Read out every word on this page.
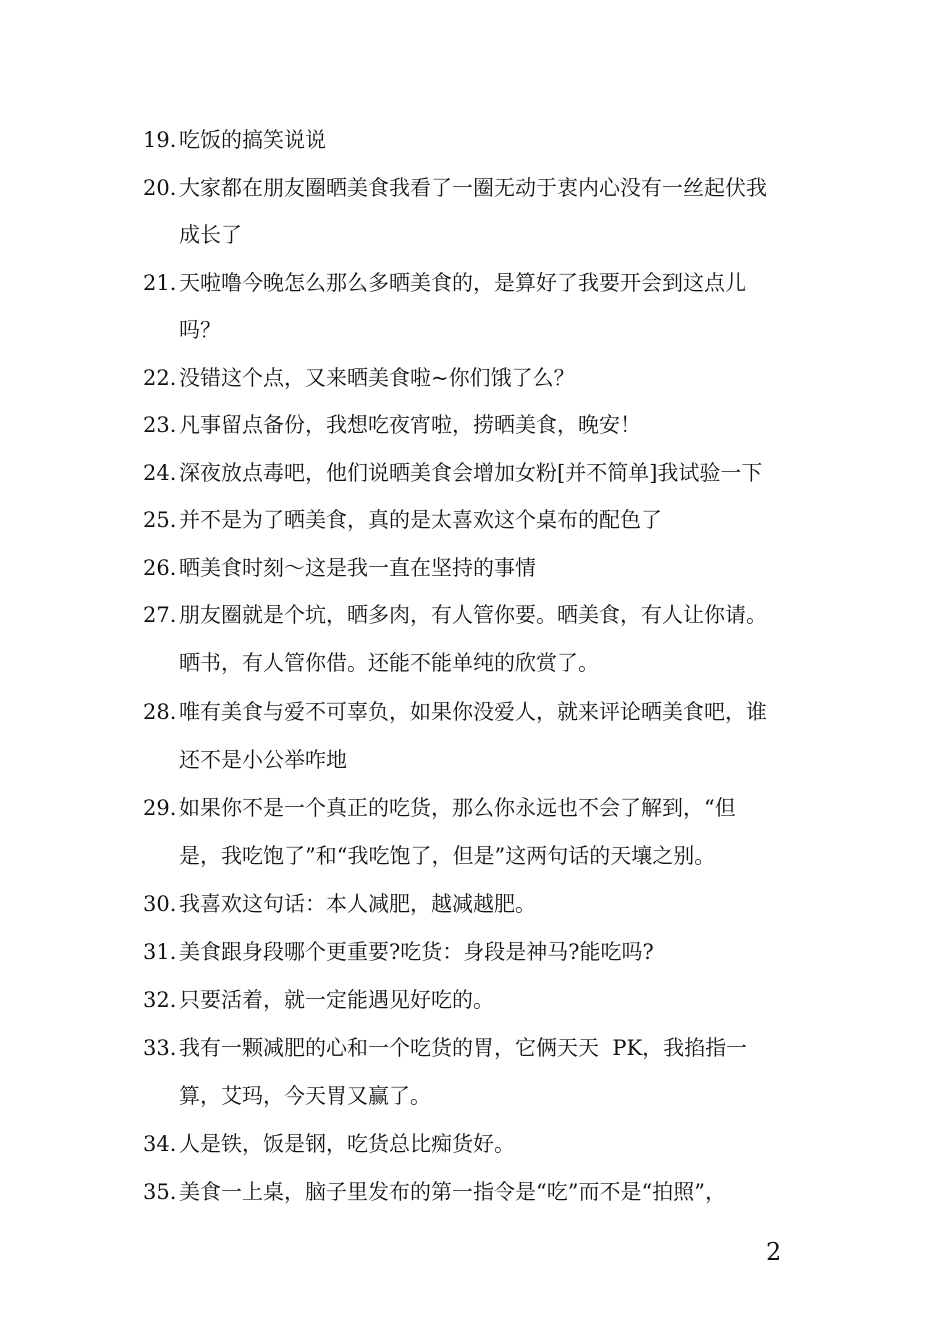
19. 吃饭的搞笑说说
20. 大家都在朋友圈晒美食我看了一圈无动于衷内心没有一丝起伏我
成长了
21. 天啦噜今晚怎么那么多晒美食的，是算好了我要开会到这点儿
吗？
22. 没错这个点，又来晒美食啦~你们饿了么？
23. 凡事留点备份，我想吃夜宵啦，捞晒美食，晚安！
24. 深夜放点毒吧，他们说晒美食会增加女粉[并不简单]我试验一下
25. 并不是为了晒美食，真的是太喜欢这个桌布的配色了
26. 晒美食时刻～这是我一直在坚持的事情
27. 朋友圈就是个坑，晒多肉，有人管你要。晒美食，有人让你请。
晒书，有人管你借。还能不能单纯的欣赏了。
28. 唯有美食与爱不可辜负，如果你没爱人，就来评论晒美食吧，谁
还不是小公举咋地
29. 如果你不是一个真正的吃货，那么你永远也不会了解到，“但
是，我吃饱了”和“我吃饱了，但是”这两句话的天壤之别。
30. 我喜欢这句话：本人减肥，越减越肥。
31. 美食跟身段哪个更重要?吃货：身段是神马?能吃吗?
32. 只要活着，就一定能遇见好吃的。
33. 我有一颗减肥的心和一个吃货的胃，它俩天天  PK，我掐指一
算，艾玛，今天胃又赢了。
34. 人是铁，饭是钢，吃货总比痴货好。
35. 美食一上桌，脑子里发布的第一指令是“吃”而不是“拍照”，
2
